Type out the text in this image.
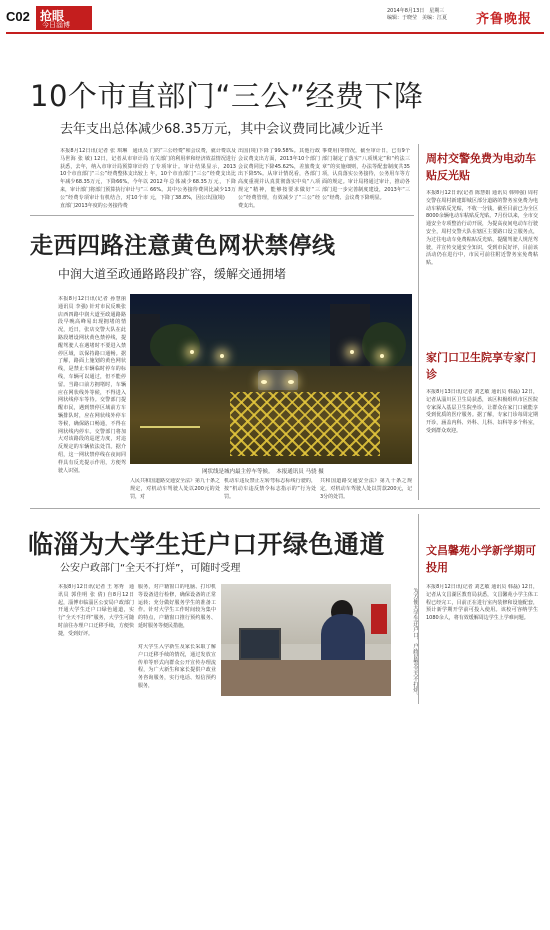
C02 抢眼
今日淄博
2014年8月13日　星期三
编辑：于晓莹　美编：江夏 齐鲁晚报
10个市直部门“三公”经费下降
去年支出总体减少68.35万元，其中会议费同比减少近半
本报8月12日讯(记者 张 琪琳　通讯员 马世海 张 敏) 12日，记者从市审计局获悉，去年，纳入市审计局预算审计的10个市直部门“三公”经费整体支出较上年减少68.35万元，下降66%。今年以来，审计部门将部门预算执行审计与“三公”经费专项审计有机结合，对10个市直部门2013年度的公务接待费
门的“三公经费”和会议费，就计费以及有关部门的利用率和经济效益情况进行了专项审计。审计结果显示，2013年，10个市直部门“三公”经费支出比2012年总体减少68.35万元，下降66%。其中公务接待费同比减少13万元，下降了38.8%，因公出国(境)
出国(境)下降了99.58%。其他行政会议费支出方面，2013年10个部门会议费同比下降45.62%，差旅费支出下降5%。从审计情况看，各部门高度重视并认真贯彻落实中央“八项规定”精神，能够按要求做好“三公”经费管理，有效减少了“三公”经费支出。
事费用)等情况，截至审计日，已有9个部门制定了落实“八项规定”和“约法三章”的实施细则，办法等配套制度共35项，认真落实公务接待，公务用车等方面的规定。审计局将通过审计，推动各部门进一步完善制度建设，2013年“三公”经费、会议费下降明显。
周村交警免费为电动车贴反光贴
本报8月12日讯(记者 陈慧娟 通讯员 韩帅强) 周村交警在周村新建即城区部分道路的警务室免费为电动车粘贴反光贴，不收一分钱。截至目前已为全区8000余辆电动车粘贴反光贴。7月份以来，全市交通安全专项整治行动开展，为提高夜间电动车行驶安全，周村交警大队在辖区主要路口设立服务点，为过往电动车免费粘贴反光贴，提醒驾驶人规范驾驶，并宣传交通安全知识，受到市民好评，目前该活动仍在进行中，市民可前往附近警务室免费粘贴。
走西四路注意黄色网状禁停线
中润大道至政通路路段扩容，缓解交通拥堵
本报8月12日讯(记者 孙慧丽 通讯员 李强) 针对市民反映张店西四路中润大道至政通路路段早晚高峰易出现拥堵的情况，近日，张店交警大队在此路段增设网状黄色禁停线，提醒驾驶人在遇堵时不要进入禁停区域，以保持路口通畅。据了解，路面上施划的黄色网状线，是禁止车辆临时停车的标线，车辆可以通过，但不能停留。当路口前方拥堵时，车辆应在网状线外等候，不得进入网状线停车等待。交警部门提醒市民，遇到禁停区域前方车辆排队时，应在网状线外停车等候，确保路口畅通，不得在网状线内停车。交警部门将加大对该路段的巡逻力度，对违反规定的车辆依法处罚。据介绍，这一网状禁停线在夜间同样具有反光提示作用，方便驾驶人识别。	网状线是城内最主停车等候。　本报通讯员 马骁 摄
人民共和国道路交通安全法》第九十条之规定，对机动车驾驶人处以200元的处罚，对
机动车违反禁止左转弯标志标线行驶的，按“机动车违反禁令标志指示的”行为处罚。
共和国道路交通安全法》第九十条之规定，对机动车驾驶人处以罚款200元，记3分的处罚。
家门口卫生院享专家门诊
本报8月13日讯(记者 刘艺敏 通讯员 韩磊) 12日，记者从淄川区卫生局获悉，该区积极组织市区医院专家深入基层卫生院坐诊，让群众在家门口就能享受到优质的医疗服务。据了解，专家门诊每周定期开诊，涵盖内科、外科、儿科、妇科等多个科室，受到群众欢迎。
临淄为大学生迁户口开绿色通道
公安户政部门“全天不打烊”，可随时受理
本报8月12日讯(记者 王 寒秀　通讯员 郭佳明 张 倩) 自8月12日起，淄博市临淄区公安局户政部门开通大学生迁户口绿色通道，实行“全天不打烊”服务，大学生可随时前往办理户口迁移手续，方便快捷，受到好评。
服务，对户籍窗口的电脑、打印机等设备进行检修，确保设备的正常运转；充分做好服务学生的准备工作。针对大学生工作时间较为集中的特点，户籍窗口推行预约服务、延时服务等便民措施，
对大学生入学新生及家长采取了解户口迁移手续的情况，通过发放宣传单等形式向群众公开宣传办理流程，为广大新生和家长提供户政业务咨询服务，实行电话、短信预约服务，	为方便大学生迁户口，户政民警全天不打烊。
文昌馨苑小学新学期可投用
本报8月12日讯(记者 刘艺敏 通讯员 韩磊) 12日，记者从文昌湖区教育局获悉，文昌馨苑小学主体工程已经完工，目前正在进行室内装修和设施配套，预计新学期开学前可投入使用。该校可容纳学生1080余人，将有效缓解周边学生上学难问题。
